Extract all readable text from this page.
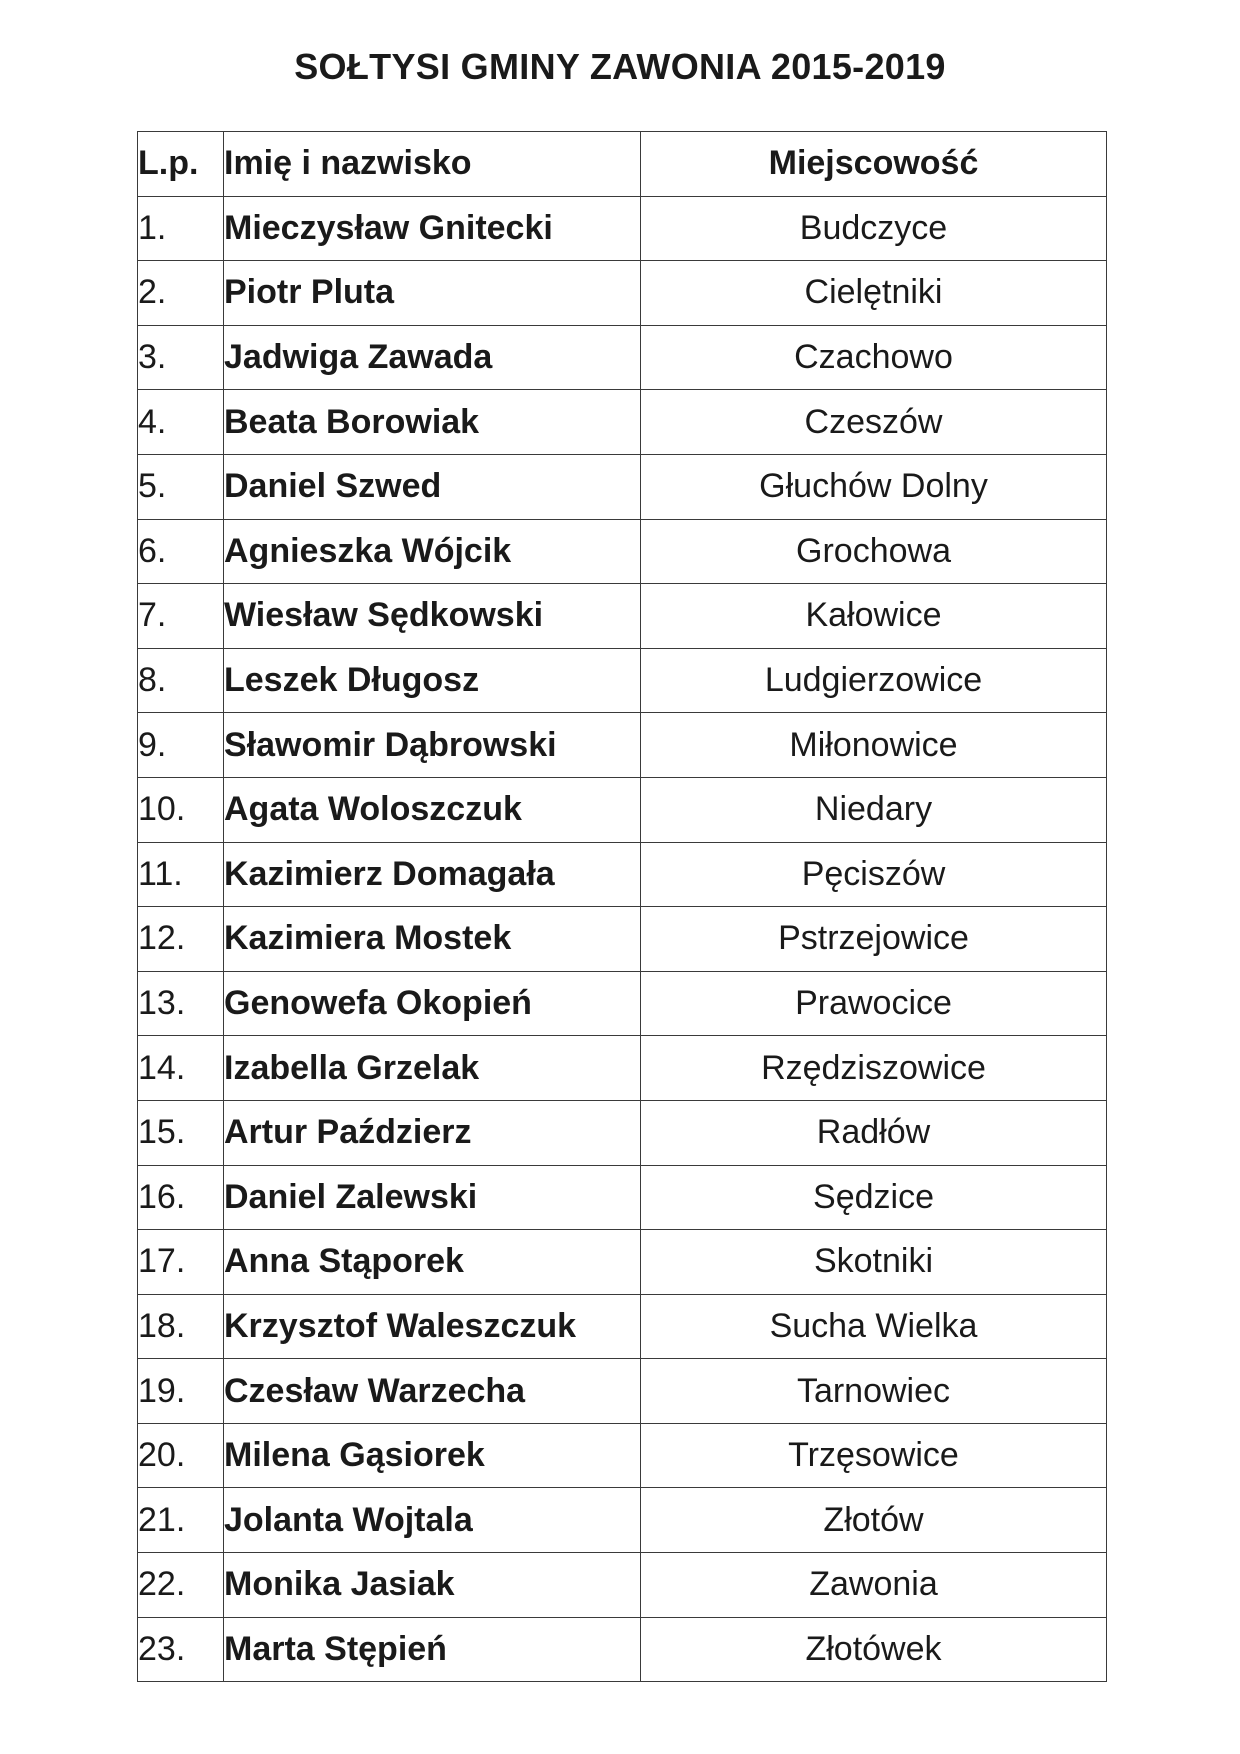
SOŁTYSI GMINY ZAWONIA 2015-2019
L.p.	Imię i nazwisko	Miejscowość
1.	Mieczysław Gnitecki	Budczyce
2.	Piotr Pluta	Cielętniki
3.	Jadwiga Zawada	Czachowo
4.	Beata Borowiak	Czeszów
5.	Daniel Szwed	Głuchów Dolny
6.	Agnieszka Wójcik	Grochowa
7.	Wiesław Sędkowski	Kałowice
8.	Leszek Długosz	Ludgierzowice
9.	Sławomir Dąbrowski	Miłonowice
10.	Agata Woloszczuk	Niedary
11.	Kazimierz Domagała	Pęciszów
12.	Kazimiera Mostek	Pstrzejowice
13.	Genowefa Okopień	Prawocice
14.	Izabella Grzelak	Rzędziszowice
15.	Artur Paździerz	Radłów
16.	Daniel Zalewski	Sędzice
17.	Anna Stąporek	Skotniki
18.	Krzysztof Waleszczuk	Sucha Wielka
19.	Czesław Warzecha	Tarnowiec
20.	Milena Gąsiorek	Trzęsowice
21.	Jolanta Wojtala	Złotów
22.	Monika Jasiak	Zawonia
23.	Marta Stępień	Złotówek
